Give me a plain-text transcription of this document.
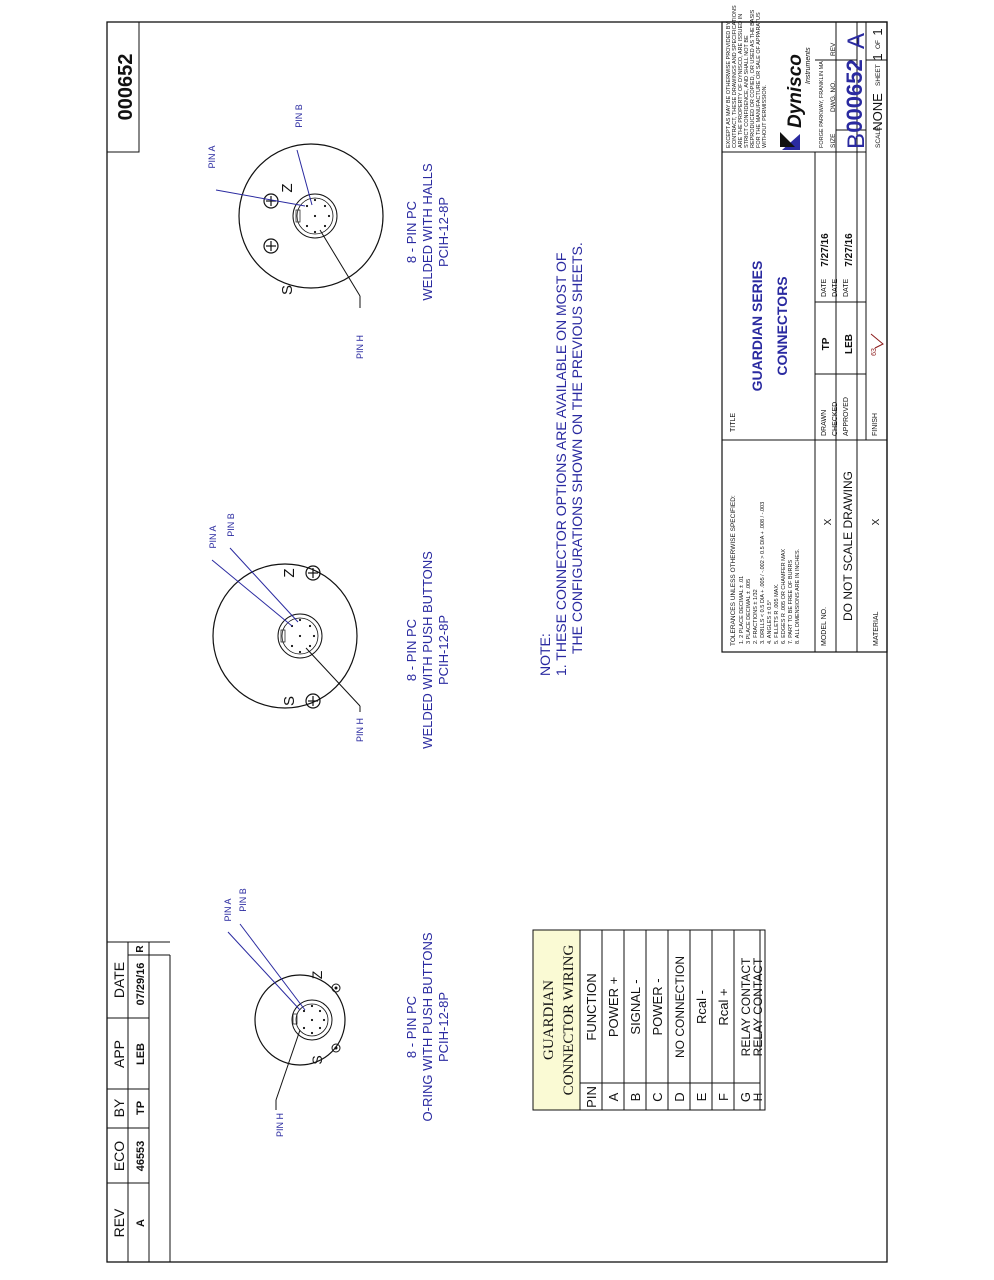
000652
REV
ECO
BY
APP
DATE
A
46553
TP
LEB
07/29/16
R
GUARDIAN CONNECTOR WIRING
PIN
FUNCTION
A
POWER +
B
SIGNAL -
C
POWER -
D
NO CONNECTION
E
Rcal -
F
Rcal +
G
RELAY CONTACT
Z
S
PIN A PIN B
PIN H
8 - PIN PC O-RING WITH PUSH BUTTONS PCIH-12-8P
Z
S
PIN A
PIN B
PIN H
8 - PIN PC WELDED WITH PUSH BUTTONS PCIH-12-8P
Z
S
PIN A
PIN B
PIN H
8 - PIN PC WELDED WITH HALLS PCIH-12-8P
NOTE: 1. THESE CONNECTOR OPTIONS ARE AVAILABLE ON MOST OF THE CONFIGURATIONS SHOWN ON THE PREVIOUS SHEETS.	TOLERANCES UNLESS OTHERWISE SPECIFIED: 1. 2 PLACE DECIMAL ± .01 3 PLACE DECIMAL ± .005 2. FRACTIONS ± 1/32 3. DRILLS < 0.5 DIA + .005 / -.002 > 0.5 DIA + .008 / -.003 4. ANGLES ± 0.5° 5. FILLETS R .005 MAX. 6. EDGES R .005 OR CHAMFER MAX 7. PART TO BE FREE OF BURRS 8. ALL DIMENSIONS ARE IN INCHES.	MODEL NO.
X DO NOT SCALE DRAWING
MATERIAL
X
TITLE
GUARDIAN SERIES CONNECTORS
DRAWN
TP
DATE
7/27/16
CHECKED
DATE
APPROVED
LEB
DATE
7/27/16
FINISH
63
EXCEPT AS MAY BE OTHERWISE PROVIDED BY CONTRACT, THESE DRAWINGS AND SPECIFICATIONS ARE THE PROPERTY OF DYNISCO, ARE ISSUED IN STRICT CONFIDENCE, AND SHALL NOT BE REPRODUCED OR COPIED, OR USED AS THE BASIS FOR THE MANUFACTURE OR SALE OF APPARATUS WITHOUT PERMISSION. Dynisco Instruments FORGE PARKWAY, FRANKLIN MA SIZE
DWG. NO.
REV
B
000652
A
SCALE
NONE
SHEET
1
OF
1
H
RELAY CONTACT
